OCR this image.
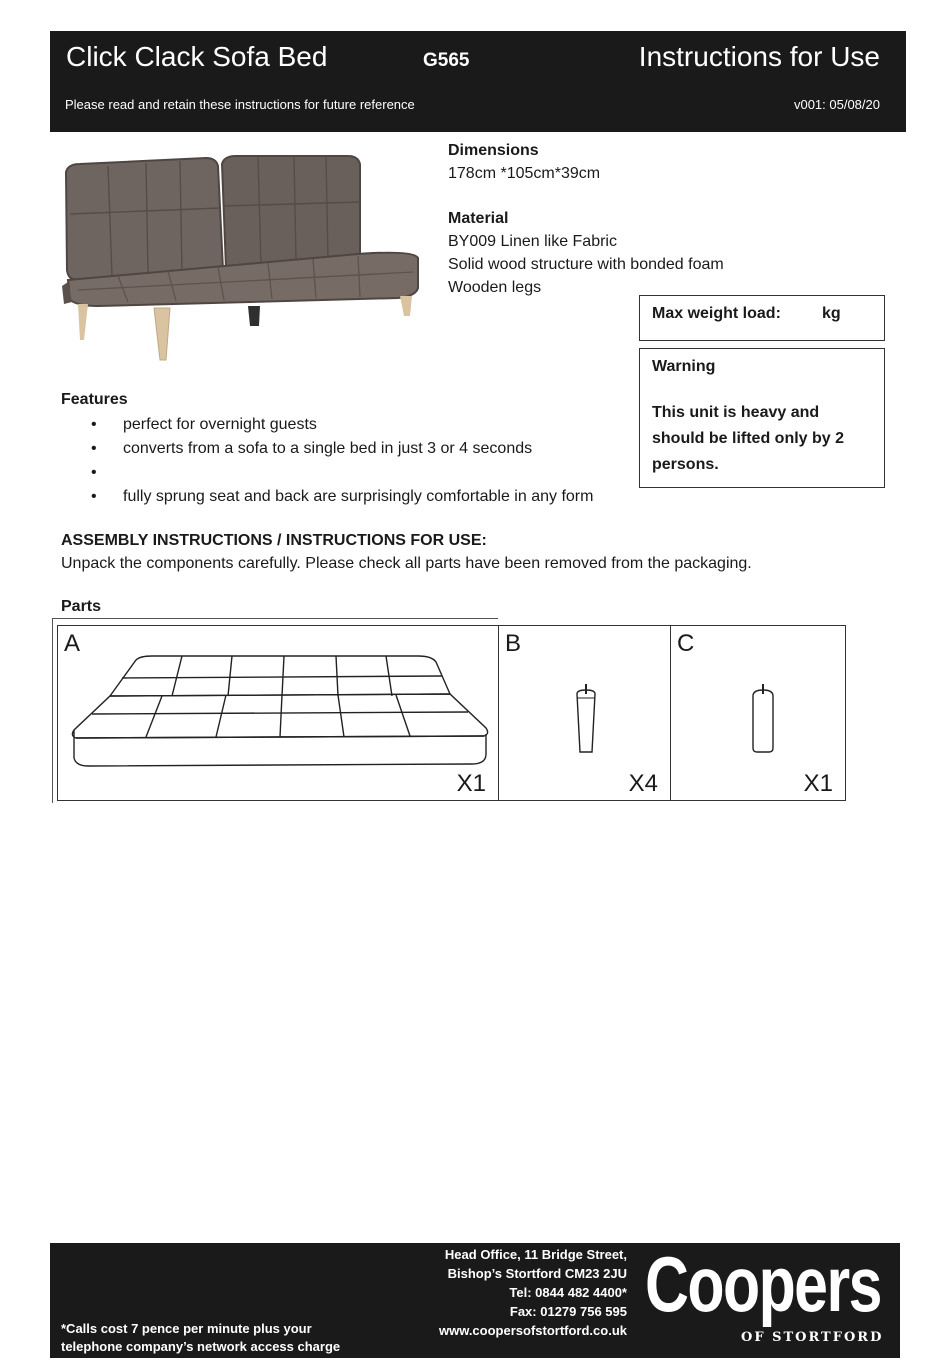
Click Clack Sofa Bed	G565	Instructions for Use
Please read and retain these instructions for future reference	v001: 05/08/20
Dimensions
178cm *105cm*39cm
Material
BY009 Linen like Fabric
Solid wood structure with bonded foam
Wooden legs
Max weight load:	kg
Warning
This unit is heavy and should be lifted only by 2 persons.
Features
• perfect for overnight guests
• converts from a sofa to a single bed in just 3 or 4 seconds
•
• fully sprung seat and back are surprisingly comfortable in any form
ASSEMBLY INSTRUCTIONS / INSTRUCTIONS FOR USE:
Unpack the components carefully. Please check all parts have been removed from the packaging.
Parts
A
X1
B
X4
C
X1
*Calls cost 7 pence per minute plus your
telephone company’s network access charge
Head Office, 11 Bridge Street,
Bishop’s Stortford CM23 2JU
Tel: 0844 482 4400*
Fax: 01279 756 595
www.coopersofstortford.co.uk
Coopers
OF STORTFORD
